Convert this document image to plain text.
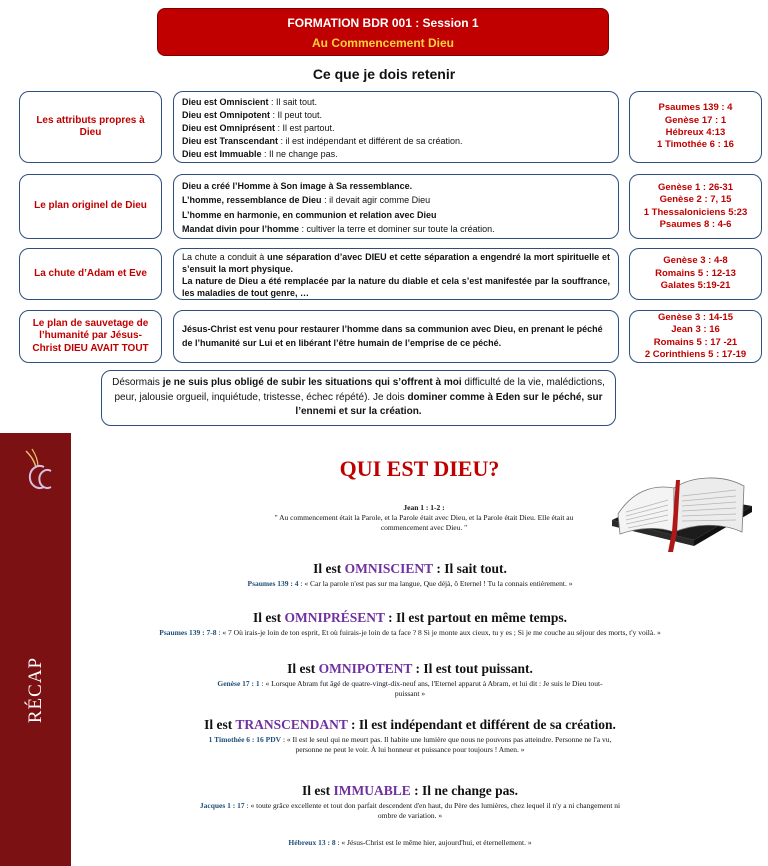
FORMATION BDR 001 : Session 1
Au Commencement Dieu
Ce que je dois retenir
Les attributs propres à Dieu

Dieu est Omniscient : Il sait tout.

Dieu est Omnipotent : Il peut tout.

Dieu est Omniprésent : Il est partout.

Dieu est Transcendant : il est indépendant et différent de sa création.

Dieu est Immuable : Il ne change pas.

Psaumes 139 : 4
Genèse 17 : 1
Hébreux 4:13
1 Timothée 6 : 16
Le plan originel de Dieu

Dieu a créé l’Homme à Son image à Sa ressemblance.

L’homme, ressemblance de Dieu : il devait agir comme Dieu

L’homme en harmonie, en communion et relation avec Dieu

Mandat divin pour l’homme : cultiver la terre et dominer sur toute la création.

Genèse 1 : 26-31
Genèse 2 : 7, 15
1 Thessaloniciens 5:23
Psaumes 8 : 4-6
La chute d’Adam et Eve

La chute a conduit à une séparation d’avec DIEU et cette séparation a engendré la mort spirituelle et s’ensuit la mort physique.

La nature de Dieu a été remplacée par la nature du diable et cela s’est manifestée par la souffrance, les maladies de tout genre, …

Genèse 3 : 4-8
Romains 5 : 12-13
Galates 5:19-21
Le plan de sauvetage de l’humanité par Jésus-Christ DIEU AVAIT TOUT

Jésus-Christ est venu pour restaurer l’homme dans sa communion avec Dieu, en prenant le péché de l’humanité sur Lui et en libérant l’être humain de l’emprise de ce péché.

Genèse 3 : 14-15
Jean 3 : 16
Romains 5 : 17 -21
2 Corinthiens 5 : 17-19
Désormais je ne suis plus obligé de subir les situations qui s’offrent à moi difficulté de la vie, malédictions, peur, jalousie orgueil, inquiétude, tristesse, échec répété). Je dois dominer comme à Eden sur le péché, sur l’ennemi et sur la création.
RÉCAP
QUI EST DIEU?
Jean 1 : 1-2 :
" Au commencement était la Parole, et la Parole était avec Dieu, et la Parole était Dieu. Elle était au commencement avec Dieu. "
Il est OMNISCIENT : Il sait tout.
Psaumes 139 : 4 : « Car la parole n'est pas sur ma langue, Que déjà, ô Eternel ! Tu la connais entièrement. »
Il est OMNIPRÉSENT : Il est partout en même temps.
Psaumes 139 : 7-8 : « 7 Où irais-je loin de ton esprit, Et où fuirais-je loin de ta face ? 8 Si je monte aux cieux, tu y es ; Si je me couche au séjour des morts, t'y voilà. »
Il est OMNIPOTENT : Il est tout puissant.
Genèse 17 : 1 : « Lorsque Abram fut âgé de quatre-vingt-dix-neuf ans, l'Eternel apparut à Abram, et lui dit : Je suis le Dieu tout-puissant »
Il est TRANSCENDANT : Il est indépendant et différent de sa création.
1 Timothée 6 : 16 PDV : « Il est le seul qui ne meurt pas. Il habite une lumière que nous ne pouvons pas atteindre. Personne ne l'a vu, personne ne peut le voir. À lui honneur et puissance pour toujours ! Amen. »
Il est IMMUABLE : Il ne change pas.
Jacques 1 : 17 : « toute grâce excellente et tout don parfait descendent d'en haut, du Père des lumières, chez lequel il n'y a ni changement ni ombre de variation. »
Hébreux 13 : 8 : « Jésus-Christ est le même hier, aujourd'hui, et éternellement. »
